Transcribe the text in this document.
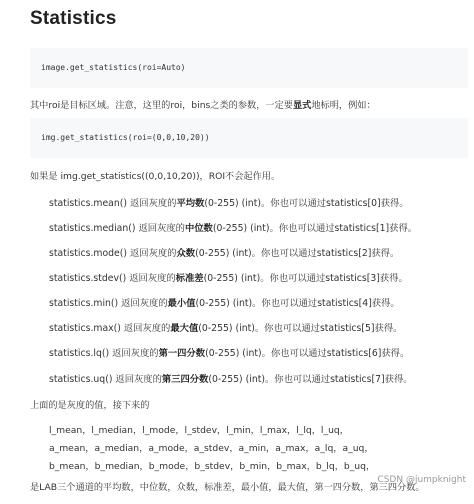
Statistics
image.get_statistics(roi=Auto)

其中roi是目标区域。注意，这里的roi，bins之类的参数，一定要显式地标明，例如：

img.get_statistics(roi=(0,0,10,20))

如果是 img.get_statistics((0,0,10,20))，ROI不会起作用。

statistics.mean() 返回灰度的平均数(0-255) (int)。你也可以通过statistics[0]获得。

statistics.median() 返回灰度的中位数(0-255) (int)。你也可以通过statistics[1]获得。

statistics.mode() 返回灰度的众数(0-255) (int)。你也可以通过statistics[2]获得。

statistics.stdev() 返回灰度的标准差(0-255) (int)。你也可以通过statistics[3]获得。

statistics.min() 返回灰度的最小值(0-255) (int)。你也可以通过statistics[4]获得。

statistics.max() 返回灰度的最大值(0-255) (int)。你也可以通过statistics[5]获得。

statistics.lq() 返回灰度的第一四分数(0-255) (int)。你也可以通过statistics[6]获得。

statistics.uq() 返回灰度的第三四分数(0-255) (int)。你也可以通过statistics[7]获得。

上面的是灰度的值，接下来的

l_mean，l_median，l_mode，l_stdev，l_min，l_max，l_lq，l_uq，

a_mean，a_median，a_mode，a_stdev，a_min，a_max，a_lq，a_uq，

b_mean，b_median，b_mode，b_stdev，b_min，b_max，b_lq，b_uq，

是LAB三个通道的平均数，中位数，众数，标准差，最小值，最大值，第一四分数，第三四分数。

CSDN @jumpknight
